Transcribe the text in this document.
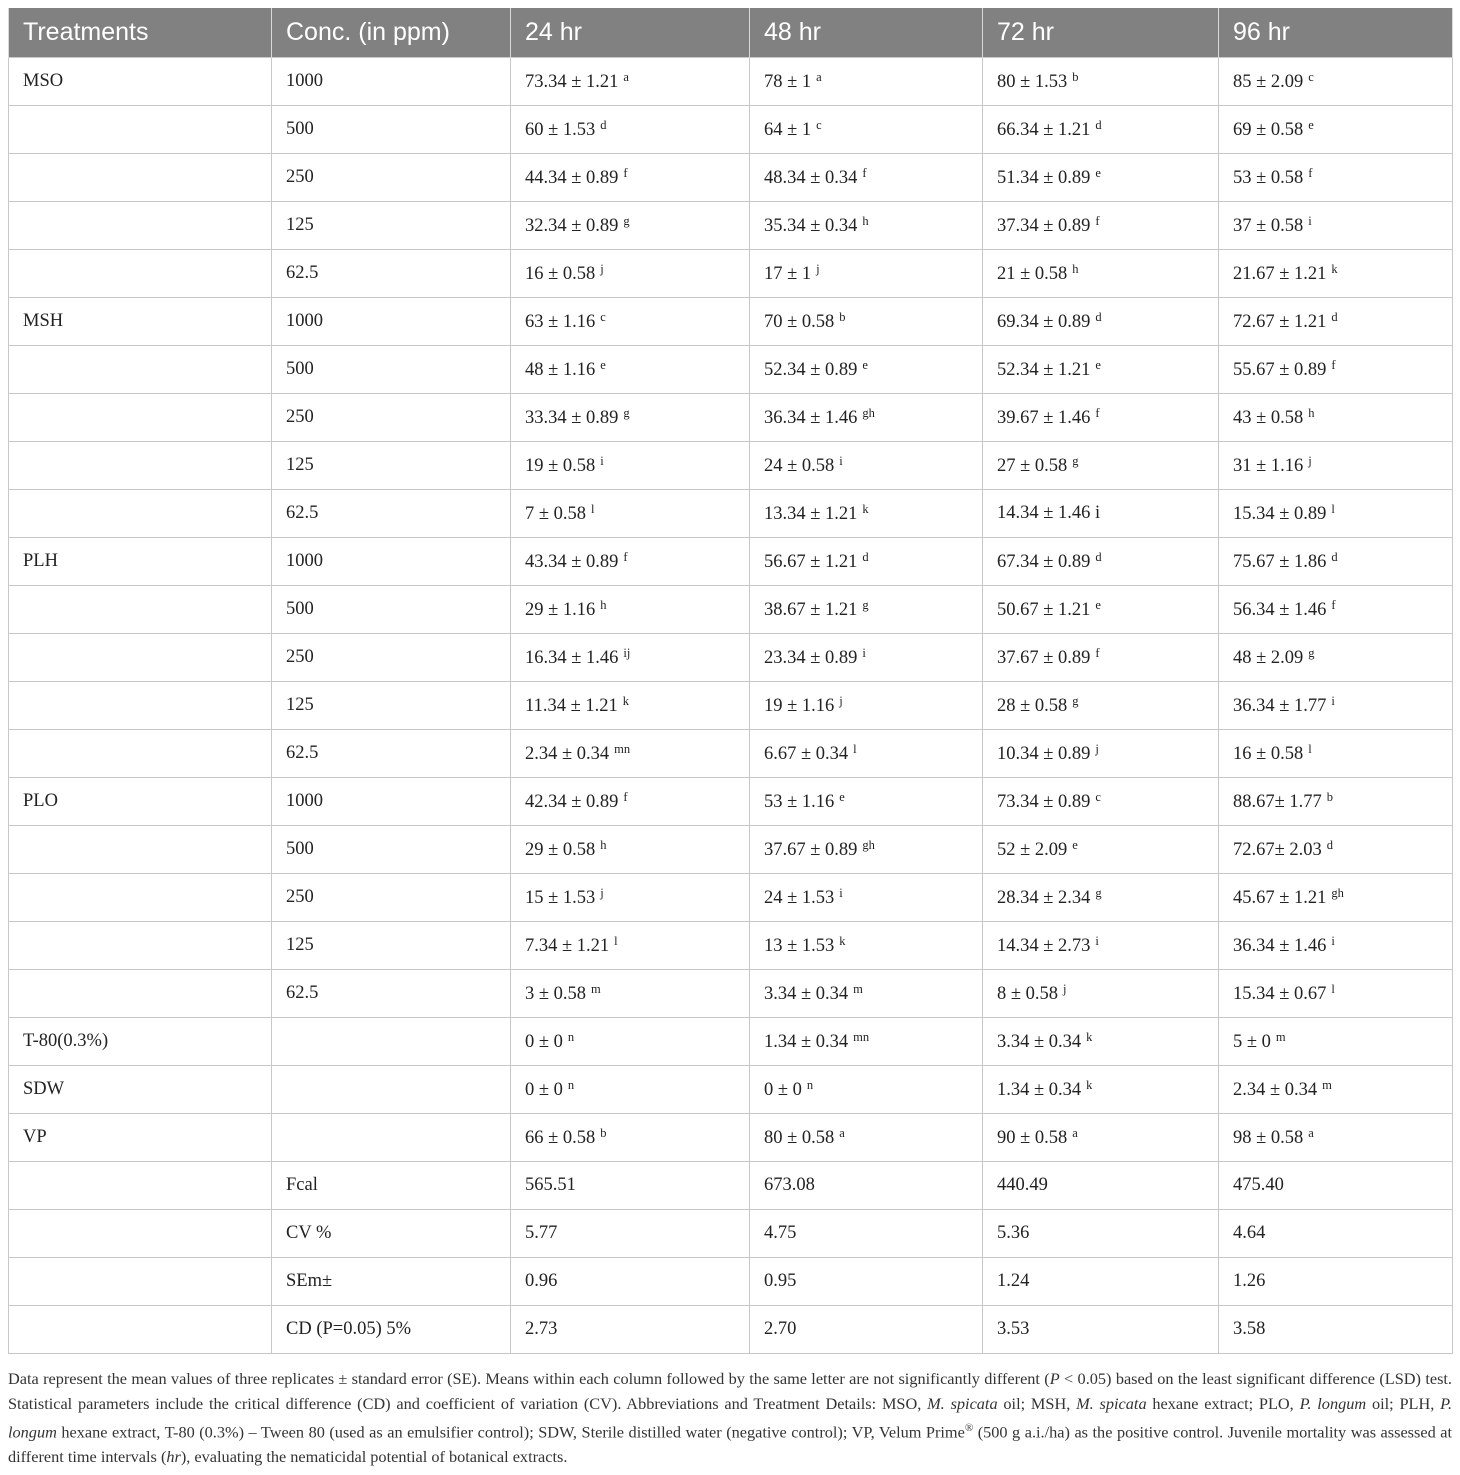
Treatments	Conc. (in ppm)	24 hr	48 hr	72 hr	96 hr
MSO	1000	73.34 ± 1.21 $^a$	78 ± 1 $^a$	80 ± 1.53 $^b$	85 ± 2.09 $^c$
	500	60 ± 1.53 $^d$	64 ± 1 $^c$	66.34 ± 1.21 $^d$	69 ± 0.58 $^e$
	250	44.34 ± 0.89 $^f$	48.34 ± 0.34 $^f$	51.34 ± 0.89 $^e$	53 ± 0.58 $^f$
	125	32.34 ± 0.89 $^g$	35.34 ± 0.34 $^h$	37.34 ± 0.89 $^f$	37 ± 0.58 $^i$
	62.5	16 ± 0.58 $^j$	17 ± 1 $^j$	21 ± 0.58 $^h$	21.67 ± 1.21 $^k$
MSH	1000	63 ± 1.16 $^c$	70 ± 0.58 $^b$	69.34 ± 0.89 $^d$	72.67 ± 1.21 $^d$
	500	48 ± 1.16 $^e$	52.34 ± 0.89 $^e$	52.34 ± 1.21 $^e$	55.67 ± 0.89 $^f$
	250	33.34 ± 0.89 $^g$	36.34 ± 1.46 $^{gh}$	39.67 ± 1.46 $^f$	43 ± 0.58 $^h$
	125	19 ± 0.58 $^i$	24 ± 0.58 $^i$	27 ± 0.58 $^g$	31 ± 1.16 $^j$
	62.5	7 ± 0.58 $^l$	13.34 ± 1.21 $^k$	14.34 ± 1.46 i	15.34 ± 0.89 $^l$
PLH	1000	43.34 ± 0.89 $^f$	56.67 ± 1.21 $^d$	67.34 ± 0.89 $^d$	75.67 ± 1.86 $^d$
	500	29 ± 1.16 $^h$	38.67 ± 1.21 $^g$	50.67 ± 1.21 $^e$	56.34 ± 1.46 $^f$
	250	16.34 ± 1.46 $^{ij}$	23.34 ± 0.89 $^i$	37.67 ± 0.89 $^f$	48 ± 2.09 $^g$
	125	11.34 ± 1.21 $^k$	19 ± 1.16 $^j$	28 ± 0.58 $^g$	36.34 ± 1.77 $^i$
	62.5	2.34 ± 0.34 $^{mn}$	6.67 ± 0.34 $^l$	10.34 ± 0.89 $^j$	16 ± 0.58 $^l$
PLO	1000	42.34 ± 0.89 $^f$	53 ± 1.16 $^e$	73.34 ± 0.89 $^c$	88.67± 1.77 $^b$
	500	29 ± 0.58 $^h$	37.67 ± 0.89 $^{gh}$	52 ± 2.09 $^e$	72.67± 2.03 $^d$
	250	15 ± 1.53 $^j$	24 ± 1.53 $^i$	28.34 ± 2.34 $^g$	45.67 ± 1.21 $^{gh}$
	125	7.34 ± 1.21 $^l$	13 ± 1.53 $^k$	14.34 ± 2.73 $^i$	36.34 ± 1.46 $^i$
	62.5	3 ± 0.58 $^m$	3.34 ± 0.34 $^m$	8 ± 0.58 $^j$	15.34 ± 0.67 $^l$
T-80(0.3%)		0 ± 0 $^n$	1.34 ± 0.34 $^{mn}$	3.34 ± 0.34 $^k$	5 ± 0 $^m$
SDW		0 ± 0 $^n$	0 ± 0 $^n$	1.34 ± 0.34 $^k$	2.34 ± 0.34 $^m$
VP		66 ± 0.58 $^b$	80 ± 0.58 $^a$	90 ± 0.58 $^a$	98 ± 0.58 $^a$
	Fcal	565.51	673.08	440.49	475.40
	CV %	5.77	4.75	5.36	4.64
	SEm±	0.96	0.95	1.24	1.26
	CD (P=0.05) 5%	2.73	2.70	3.53	3.58

Data represent the mean values of three replicates ± standard error (SE). Means within each column followed by the same letter are not significantly different (P < 0.05) based on the least significant difference (LSD) test. Statistical parameters include the critical difference (CD) and coefficient of variation (CV). Abbreviations and Treatment Details: MSO, M. spicata oil; MSH, M. spicata hexane extract; PLO, P. longum oil; PLH, P. longum hexane extract, T-80 (0.3%) – Tween 80 (used as an emulsifier control); SDW, Sterile distilled water (negative control); VP, Velum Prime® (500 g a.i./ha) as the positive control. Juvenile mortality was assessed at different time intervals (hr), evaluating the nematicidal potential of botanical extracts.
